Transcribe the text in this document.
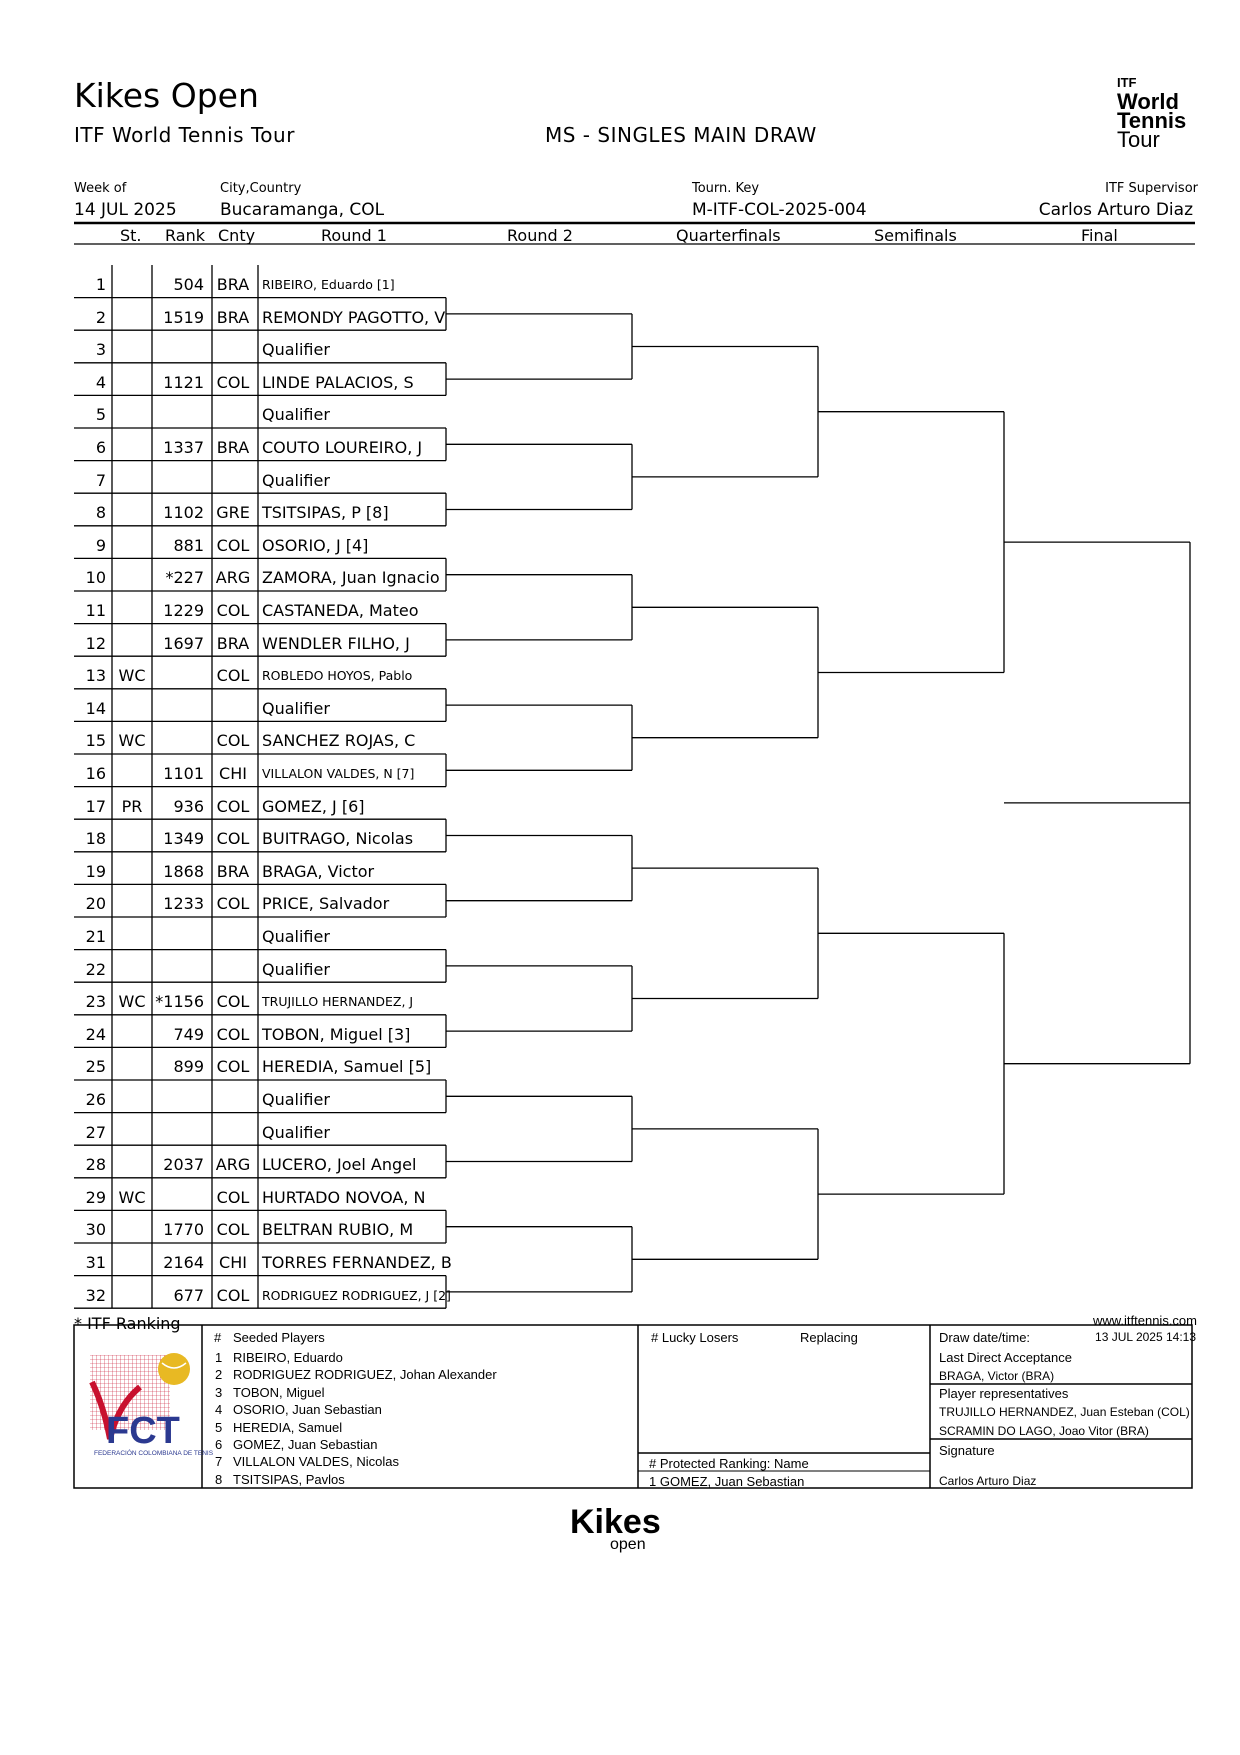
Kikes Open
ITF World Tennis Tour	MS - SINGLES MAIN DRAW
ITF
World
Tennis
Tour
Week of
14 JUL 2025
City,Country
Bucaramanga, COL
Tourn. Key
M-ITF-COL-2025-004
ITF Supervisor
Carlos Arturo Diaz
St. Rank Cnty	Round 1	Round 2	Quarterfinals	Semifinals	Final
1	504 BRA	RIBEIRO, Eduardo [1]
2	1519 BRA REMONDY PAGOTTO, V
3	Qualifier
4	1121 COL LINDE PALACIOS, S
5	Qualifier
6	1337 BRA COUTO LOUREIRO, J
7	Qualifier
8	1102 GRE TSITSIPAS, P [8]
9	881 COL OSORIO, J [4]
10	*227 ARG ZAMORA, Juan Ignacio
11	1229 COL CASTANEDA, Mateo
12	1697 BRA WENDLER FILHO, J
13 WC	COL	ROBLEDO HOYOS, Pablo
14	Qualifier
15 WC	COL SANCHEZ ROJAS, C
16	1101 CHI	VILLALON VALDES, N [7]
17 PR	936 COL GOMEZ, J [6]
18	1349 COL BUITRAGO, Nicolas
19	1868 BRA BRAGA, Victor
20	1233 COL PRICE, Salvador
21	Qualifier
22	Qualifier
23 WC *1156 COL	TRUJILLO HERNANDEZ, J
24	749 COL TOBON, Miguel [3]
25	899 COL HEREDIA, Samuel [5]
26	Qualifier
27	Qualifier
28	2037 ARG LUCERO, Joel Angel
29 WC	COL HURTADO NOVOA, N
30	1770 COL BELTRAN RUBIO, M
31	2164 CHI TORRES FERNANDEZ, B
32	677 COL	RODRIGUEZ RODRIGUEZ, J [2]
* ITF Ranking	www.itftennis.com
FCT
FEDERACIÓN COLOMBIANA DE TENIS
# Seeded Players
1 RIBEIRO, Eduardo
2 RODRIGUEZ RODRIGUEZ, Johan Alexander
3 TOBON, Miguel
4 OSORIO, Juan Sebastian
5 HEREDIA, Samuel
6 GOMEZ, Juan Sebastian
7 VILLALON VALDES, Nicolas
8 TSITSIPAS, Pavlos
# Lucky Losers	Replacing
# Protected Ranking: Name
1 GOMEZ, Juan Sebastian
Draw date/time:	13 JUL 2025 14:13
Last Direct Acceptance
BRAGA, Victor (BRA)
Player representatives
TRUJILLO HERNANDEZ, Juan Esteban (COL)
SCRAMIN DO LAGO, Joao Vitor (BRA)
Signature
Carlos Arturo Diaz
Kikes
open
